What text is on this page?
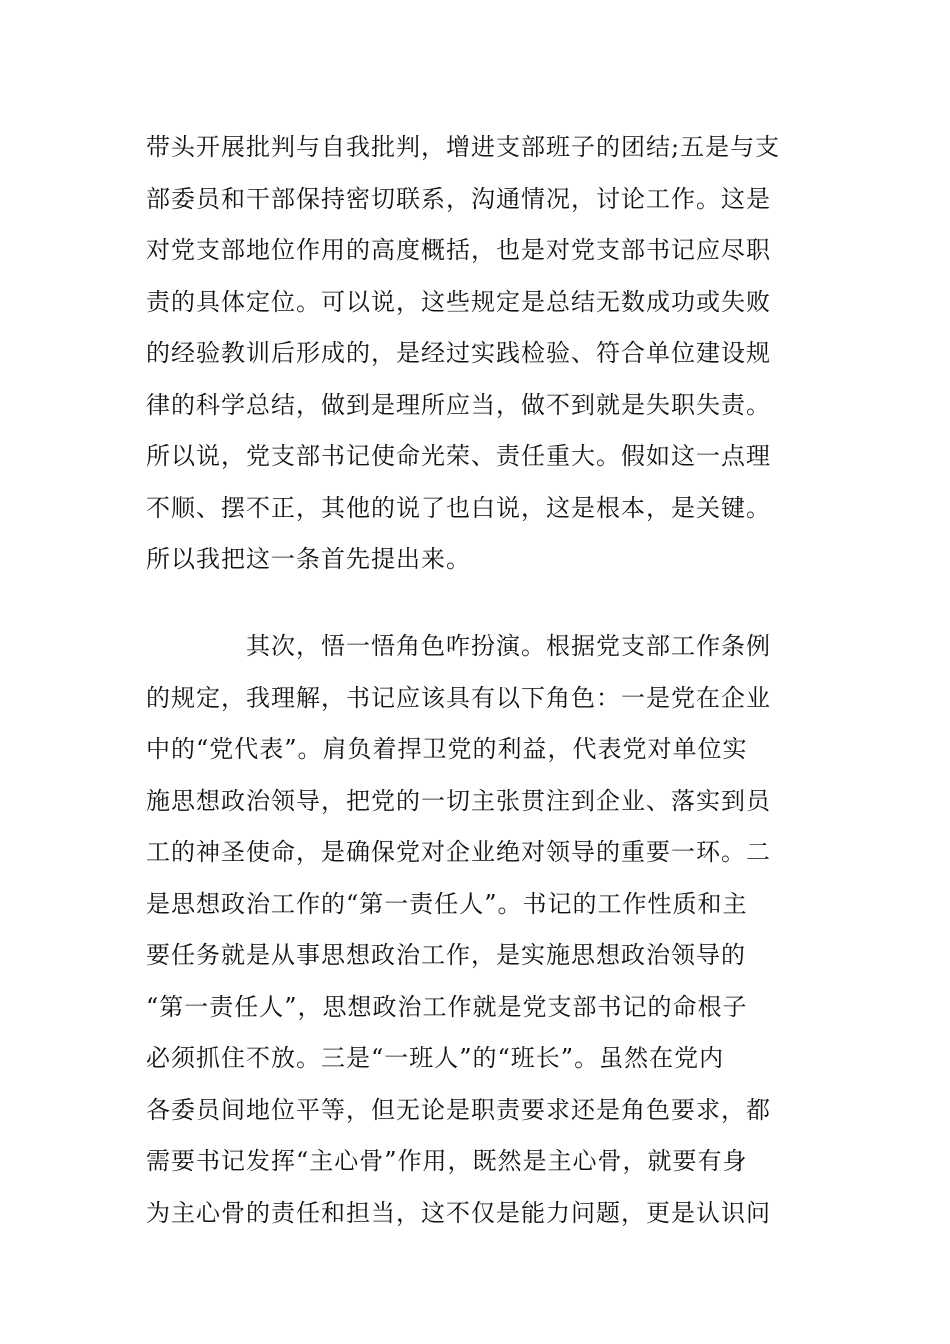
带头开展批判与自我批判，增进支部班子的团结;五是与支
部委员和干部保持密切联系，沟通情况，讨论工作。这是
对党支部地位作用的高度概括，也是对党支部书记应尽职
责的具体定位。可以说，这些规定是总结无数成功或失败
的经验教训后形成的，是经过实践检验、符合单位建设规
律的科学总结，做到是理所应当，做不到就是失职失责。
所以说，党支部书记使命光荣、责任重大。假如这一点理
不顺、摆不正，其他的说了也白说，这是根本，是关键。
所以我把这一条首先提出来。
其次，悟一悟角色咋扮演。根据党支部工作条例
的规定，我理解，书记应该具有以下角色：一是党在企业
中的“党代表”。肩负着捍卫党的利益，代表党对单位实
施思想政治领导，把党的一切主张贯注到企业、落实到员
工的神圣使命，是确保党对企业绝对领导的重要一环。二
是思想政治工作的“第一责任人”。书记的工作性质和主
要任务就是从事思想政治工作，是实施思想政治领导的
“第一责任人”，思想政治工作就是党支部书记的命根子
必须抓住不放。三是“一班人”的“班长”。虽然在党内
各委员间地位平等，但无论是职责要求还是角色要求，都
需要书记发挥“主心骨”作用，既然是主心骨，就要有身
为主心骨的责任和担当，这不仅是能力问题，更是认识问
